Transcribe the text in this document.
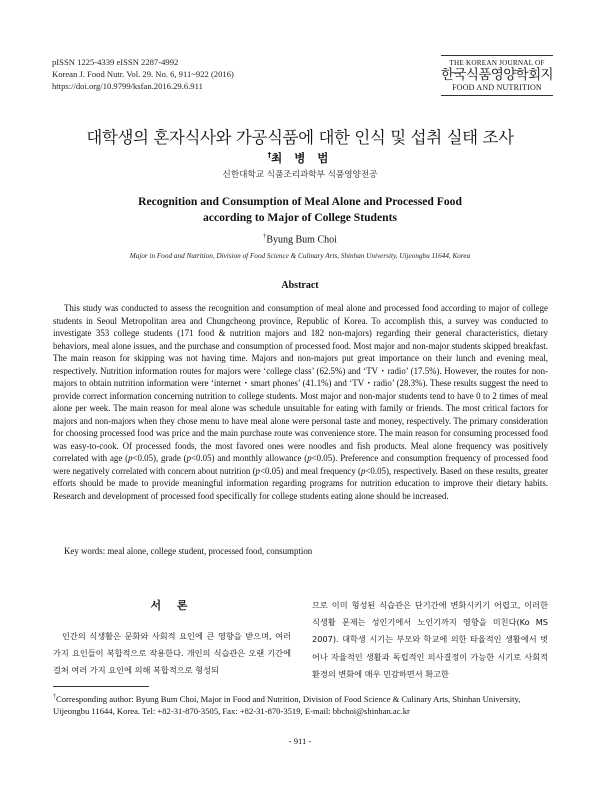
pISSN 1225-4339 eISSN 2287-4992
Korean J. Food Nutr. Vol. 29. No. 6, 911~922 (2016)
https://doi.org/10.9799/ksfan.2016.29.6.911
THE KOREAN JOURNAL OF
한국식품영양학회지
FOOD AND NUTRITION
대학생의 혼자식사와 가공식품에 대한 인식 및 섭취 실태 조사
†최 병 범
신한대학교 식품조리과학부 식품영양전공
Recognition and Consumption of Meal Alone and Processed Food
according to Major of College Students
†Byung Bum Choi
Major in Food and Nutrition, Division of Food Science & Culinary Arts, Shinhan University, Uijeongbu 11644, Korea
Abstract

This study was conducted to assess the recognition and consumption of meal alone and processed food according to major of college students in Seoul Metropolitan area and Chungcheong province, Republic of Korea. To accomplish this, a survey was conducted to investigate 353 college students (171 food & nutrition majors and 182 non-majors) regarding their general characteristics, dietary behaviors, meal alone issues, and the purchase and consumption of processed food. Most major and non-major students skipped breakfast. The main reason for skipping was not having time. Majors and non-majors put great importance on their lunch and evening meal, respectively. Nutrition information routes for majors were ‘college class’ (62.5%) and ‘TV・radio’ (17.5%). However, the routes for non-majors to obtain nutrition information were ‘internet・smart phones’ (41.1%) and ‘TV・radio’ (28.3%). These results suggest the need to provide correct information concerning nutrition to college students. Most major and non-major students tend to have 0 to 2 times of meal alone per week. The main reason for meal alone was schedule unsuitable for eating with family or friends. The most critical factors for majors and non-majors when they chose menu to have meal alone were personal taste and money, respectively. The primary consideration for choosing processed food was price and the main purchase route was convenience store. The main reason for consuming processed food was easy-to-cook. Of processed foods, the most favored ones were noodles and fish products. Meal alone frequency was positively correlated with age (p<0.05), grade (p<0.05) and monthly allowance (p<0.05). Preference and consumption frequency of processed food were negatively correlated with concern about nutrition (p<0.05) and meal frequency (p<0.05), respectively. Based on these results, greater efforts should be made to provide meaningful information regarding programs for nutrition education to improve their dietary habits. Research and development of processed food specifically for college students eating alone should be increased.

Key words: meal alone, college student, processed food, consumption
서 론

인간의 식생활은 문화와 사회적 요인에 큰 영향을 받으며, 여러 가지 요인들이 복합적으로 작용한다. 개인의 식습관은 오랜 기간에 걸쳐 여러 가지 요인에 의해 복합적으로 형성되

므로 이미 형성된 식습관은 단기간에 변화시키기 어렵고, 이러한 식생활 문제는 성인기에서 노인기까지 영향을 미친다(Ko MS 2007). 대학생 시기는 부모와 학교에 의한 타율적인 생활에서 벗어나 자율적인 생활과 독립적인 의사결정이 가능한 시기로 사회적 환경의 변화에 매우 민감하면서 확고한

†Corresponding author: Byung Bum Choi, Major in Food and Nutrition, Division of Food Science & Culinary Arts, Shinhan University, Uijeongbu 11644, Korea. Tel: +82-31-870-3505, Fax: +82-31-870-3519, E-mail: bbchoi@shinhan.ac.kr
- 911 -
